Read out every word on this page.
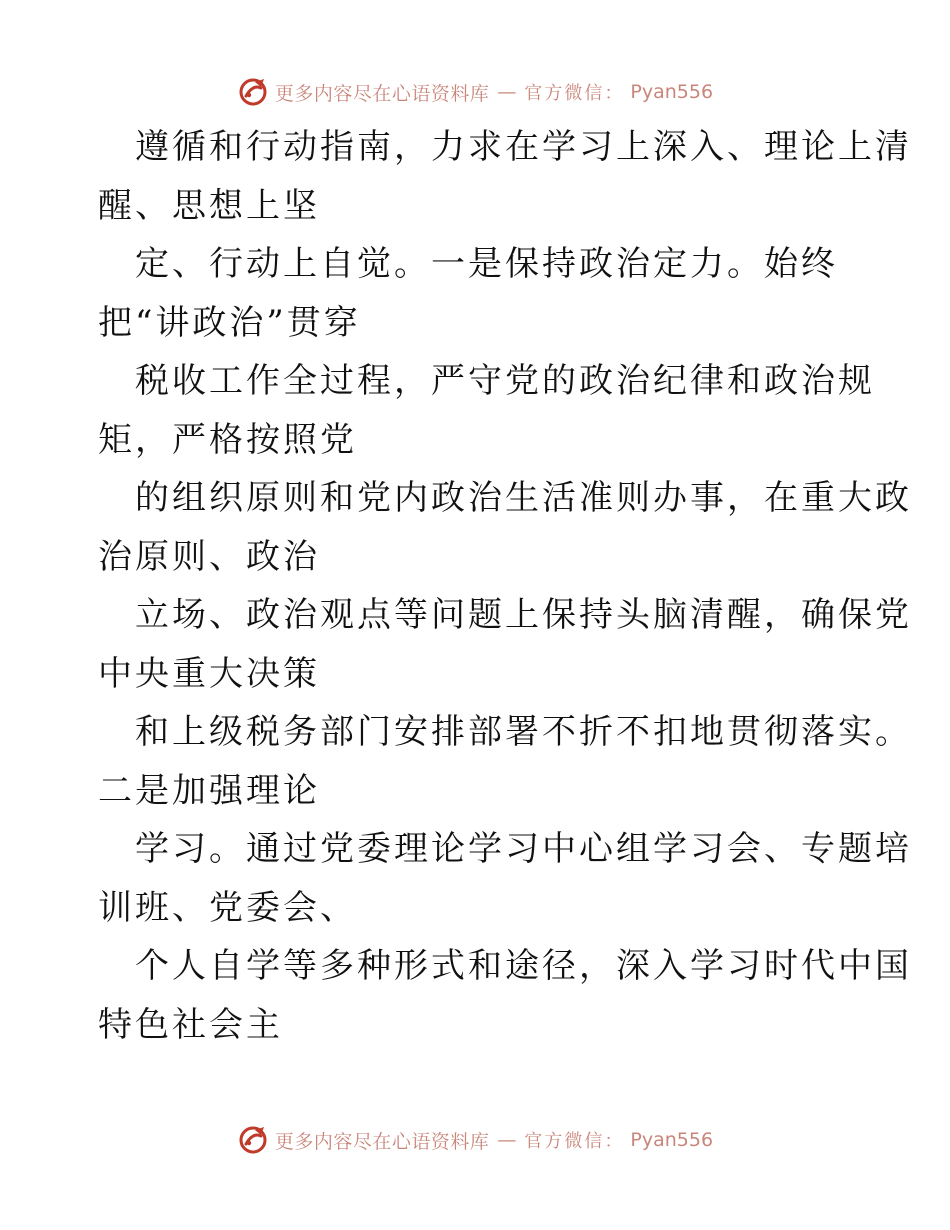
更多内容尽在心语资料库 — 官方微信： Pyan556
遵循和行动指南，力求在学习上深入、理论上清
醒、思想上坚
定、行动上自觉。一是保持政治定力。始终
把“讲政治”贯穿
税收工作全过程，严守党的政治纪律和政治规
矩，严格按照党
的组织原则和党内政治生活准则办事，在重大政
治原则、政治
立场、政治观点等问题上保持头脑清醒，确保党
中央重大决策
和上级税务部门安排部署不折不扣地贯彻落实。
二是加强理论
学习。通过党委理论学习中心组学习会、专题培
训班、党委会、
个人自学等多种形式和途径，深入学习时代中国
特色社会主
更多内容尽在心语资料库 — 官方微信： Pyan556
